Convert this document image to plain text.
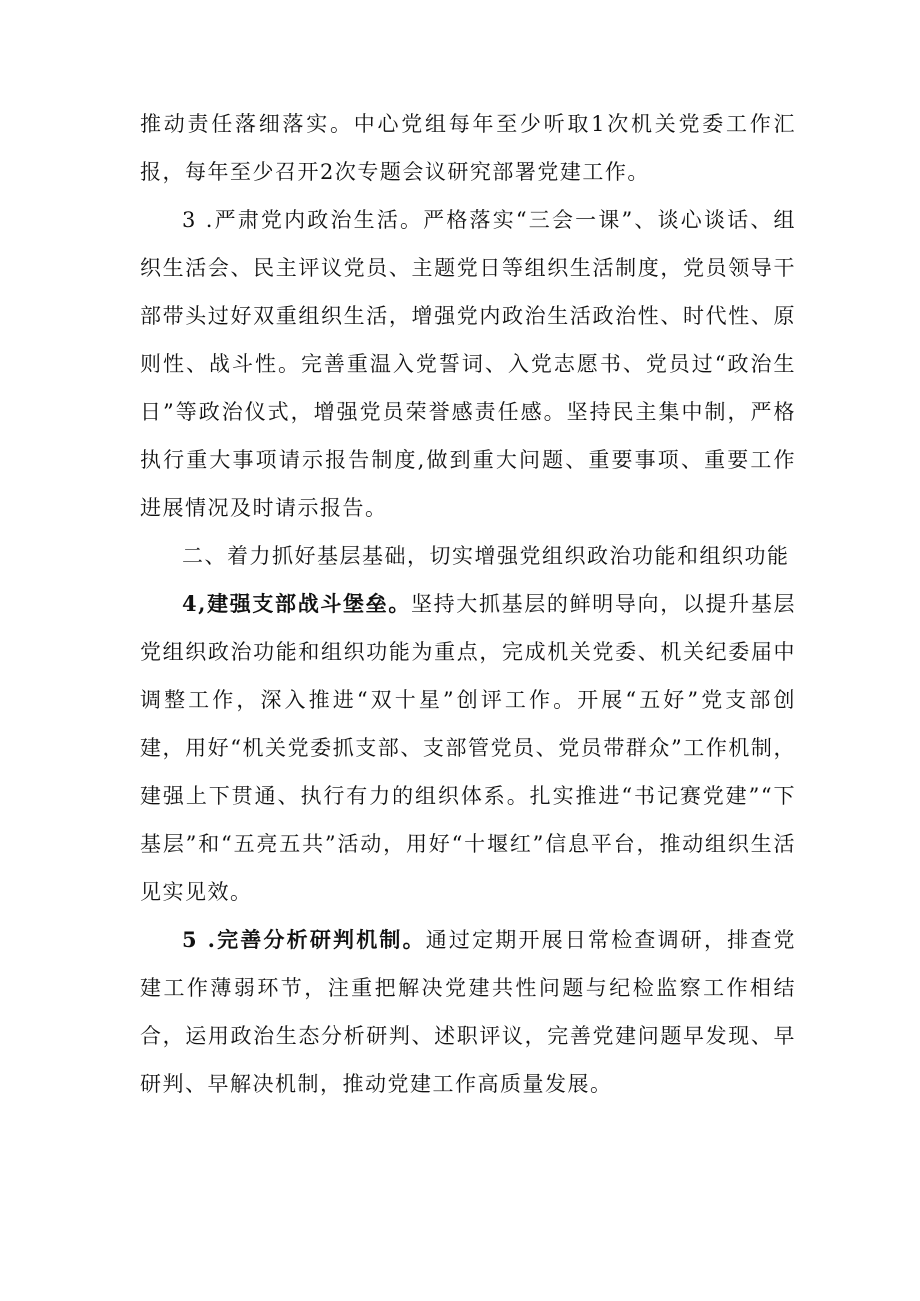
推动责任落细落实。中心党组每年至少听取1次机关党委工作汇报，每年至少召开2次专题会议研究部署党建工作。

3 .严肃党内政治生活。严格落实“三会一课”、谈心谈话、组织生活会、民主评议党员、主题党日等组织生活制度，党员领导干部带头过好双重组织生活，增强党内政治生活政治性、时代性、原则性、战斗性。完善重温入党誓词、入党志愿书、党员过“政治生日”等政治仪式，增强党员荣誉感责任感。坚持民主集中制，严格执行重大事项请示报告制度,做到重大问题、重要事项、重要工作进展情况及时请示报告。

二、着力抓好基层基础，切实增强党组织政治功能和组织功能

4,建强支部战斗堡垒。坚持大抓基层的鲜明导向，以提升基层党组织政治功能和组织功能为重点，完成机关党委、机关纪委届中调整工作，深入推进“双十星”创评工作。开展“五好”党支部创建，用好“机关党委抓支部、支部管党员、党员带群众”工作机制，建强上下贯通、执行有力的组织体系。扎实推进“书记赛党建”“下基层”和“五亮五共”活动，用好“十堰红”信息平台，推动组织生活见实见效。

5 .完善分析研判机制。通过定期开展日常检查调研，排查党建工作薄弱环节，注重把解决党建共性问题与纪检监察工作相结合，运用政治生态分析研判、述职评议，完善党建问题早发现、早研判、早解决机制，推动党建工作高质量发展。
